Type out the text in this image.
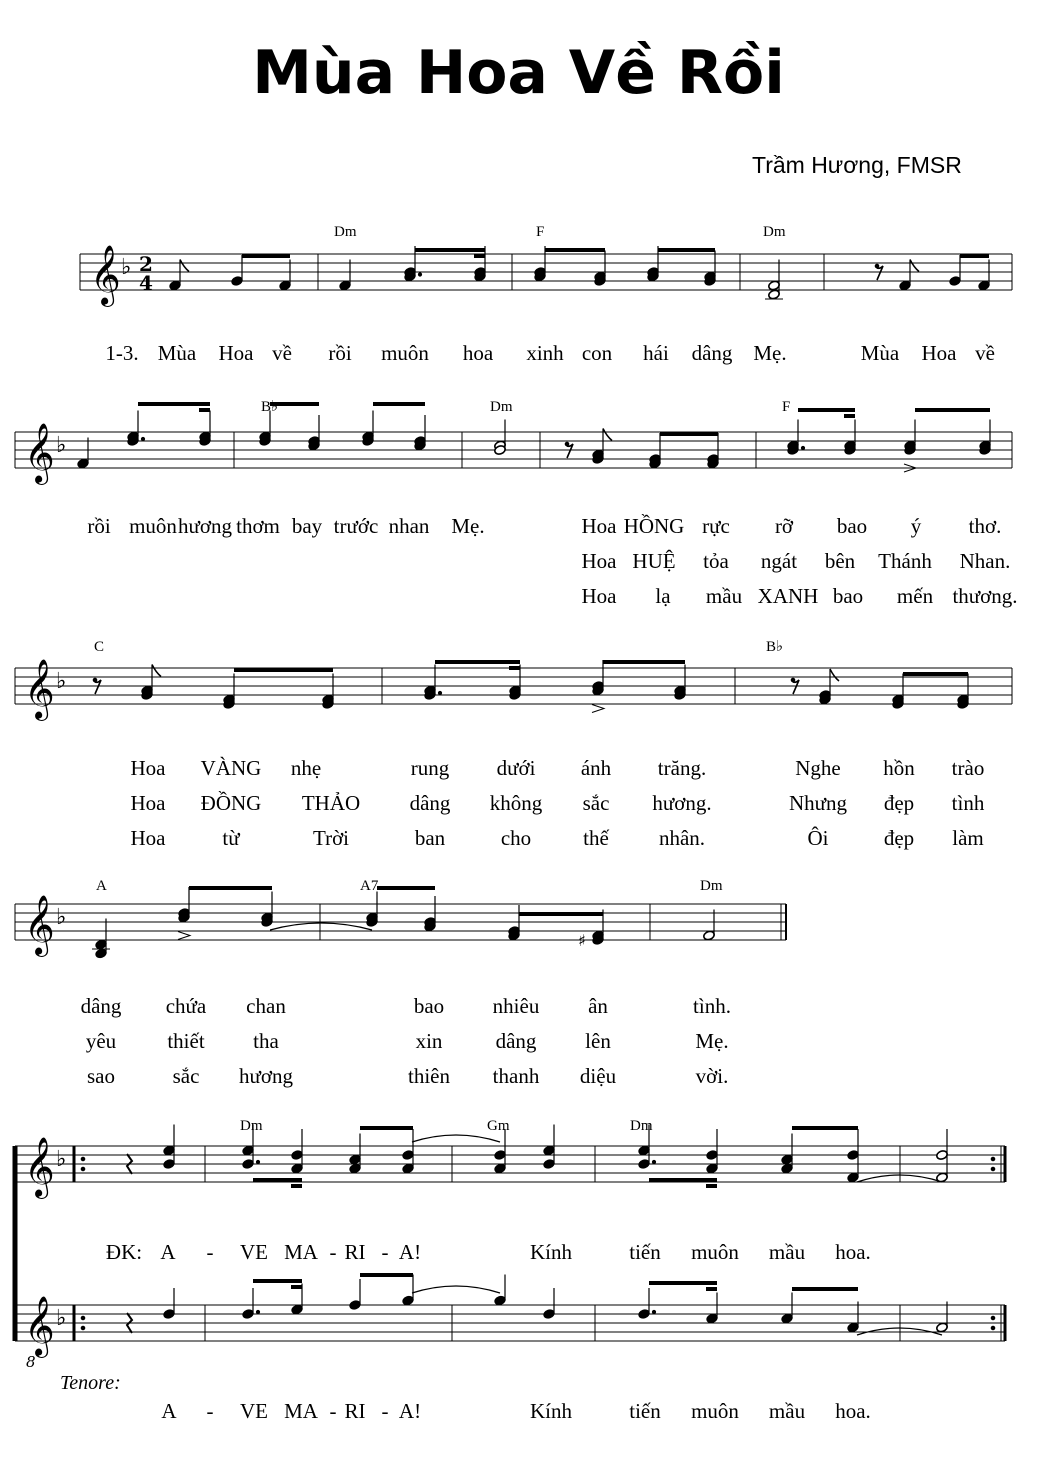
Mùa Hoa Về Rồi
Trầm Hương, FMSR
𝄞 ♭ 2
4
𝄞 ♭
𝄞 ♭
𝄞 ♭
♯
𝄞 ♭
𝄞 ♭
8
Dm	F	Dm
1-3. Mùa Hoa về rồi muôn hoa xinh con hái dâng Mẹ.	Mùa Hoa về
B♭	Dm	F
rồi muôn hương thơm bay trước nhan Mẹ.	Hoa HỒNG rực rỡ bao ý thơ.
Hoa HUỆ tỏa ngát bên Thánh Nhan.
Hoa lạ mầu XANH bao mến thương.
C	B♭
Hoa VÀNG nhẹ	rung dưới ánh trăng.	Nghe hồn trào
Hoa ĐỒNG THẢO dâng không sắc hương.	Nhưng đẹp tình
Hoa	từ	Trời	ban	cho thế nhân.	Ôi	đẹp làm
A	A7	Dm
dâng chứa chan	bao nhiêu ân	tình.
yêu thiết tha	xin	dâng lên	Mẹ.
sao	sắc hương	thiên thanh diệu	vời.
Dm	Gm	Dm
ĐK: A - VE MA - RI - A!	Kính	tiến muôn mầu hoa.
Tenore:
A - VE MA - RI - A!	Kính	tiến muôn mầu hoa.
